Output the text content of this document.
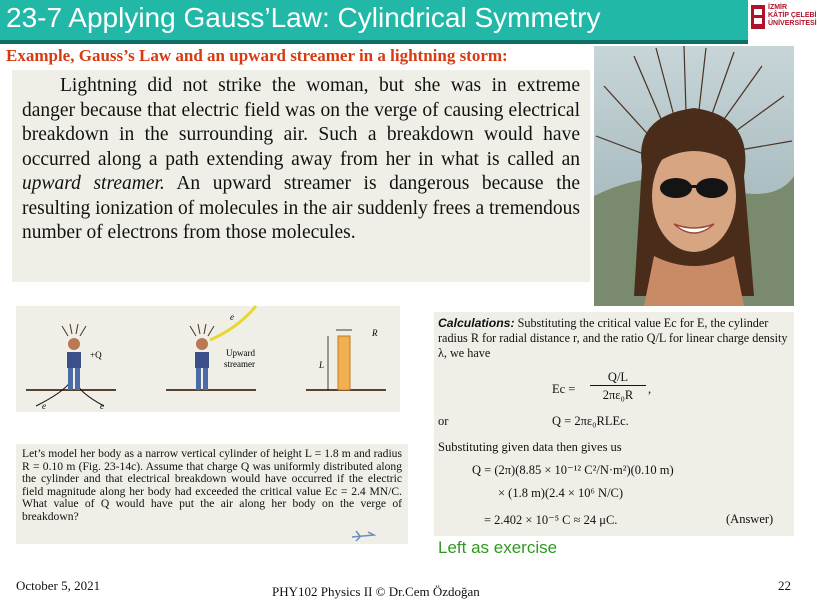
23-7 Applying Gauss’Law: Cylindrical Symmetry	İZMİR
KÂTİP ÇELEBİ
ÜNİVERSİTESİ
Example, Gauss’s Law and an upward streamer in a lightning storm:

Lightning did not strike the woman, but she was in extreme danger because that electric field was on the verge of causing electrical breakdown in the surrounding air. Such a breakdown would have occurred along a path extending away from her in what is called an upward streamer. An upward streamer is dangerous because the resulting ionization of molecules in the air suddenly frees a tremendous number of electrons from those molecules.

+Q
e	e
e
Upward
streamer
R
L

Let’s model her body as a narrow vertical cylinder of height L = 1.8 m and radius R = 0.10 m (Fig. 23-14c). Assume that charge Q was uniformly distributed along the cylinder and that electrical breakdown would have occurred if the electric field magnitude along her body had exceeded the critical value Ec = 2.4 MN/C. What value of Q would have put the air along her body on the verge of breakdown?

Calculations: Substituting the critical value Ec for E, the cylinder radius R for radial distance r, and the ratio Q/L for linear charge density λ, we have

Ec =
Q/L
2πε₀R	,
or	Q = 2πε₀RLEc.
Substituting given data then gives us
Q = (2π)(8.85 × 10⁻¹² C²/N·m²)(0.10 m)
× (1.8 m)(2.4 × 10⁶ N/C)
= 2.402 × 10⁻⁵ C ≈ 24 μC.	(Answer)
Left as exercise
October 5, 2021	PHY102 Physics II © Dr.Cem Özdoğan	22
